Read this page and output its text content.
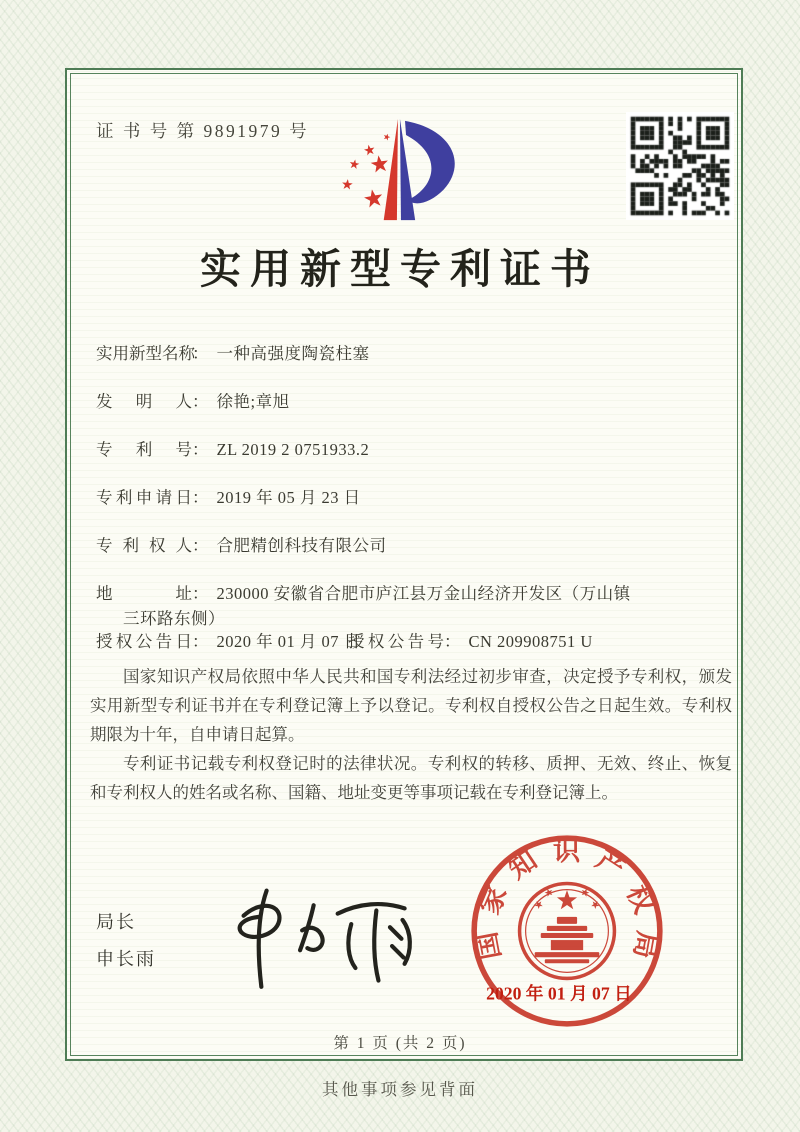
证 书 号 第 9891979 号
实用新型专利证书
实用新型名称： 一种高强度陶瓷柱塞
发明人： 徐艳;章旭
专利号： ZL 2019 2 0751933.2
专利申请日： 2019 年 05 月 23 日
专利权人： 合肥精创科技有限公司
地址： 230000 安徽省合肥市庐江县万金山经济开发区（万山镇
三环路东侧）
授权公告日： 2020 年 01 月 07 日
授权公告号： CN 209908751 U

国家知识产权局依照中华人民共和国专利法经过初步审查，决定授予专利权，颁发实用新型专利证书并在专利登记簿上予以登记。专利权自授权公告之日起生效。专利权期限为十年，自申请日起算。

专利证书记载专利权登记时的法律状况。专利权的转移、质押、无效、终止、恢复和专利权人的姓名或名称、国籍、地址变更等事项记载在专利登记簿上。

局长
申长雨	国家知识产权局
2020 年 01 月 07 日
第 1 页 (共 2 页)
其他事项参见背面
